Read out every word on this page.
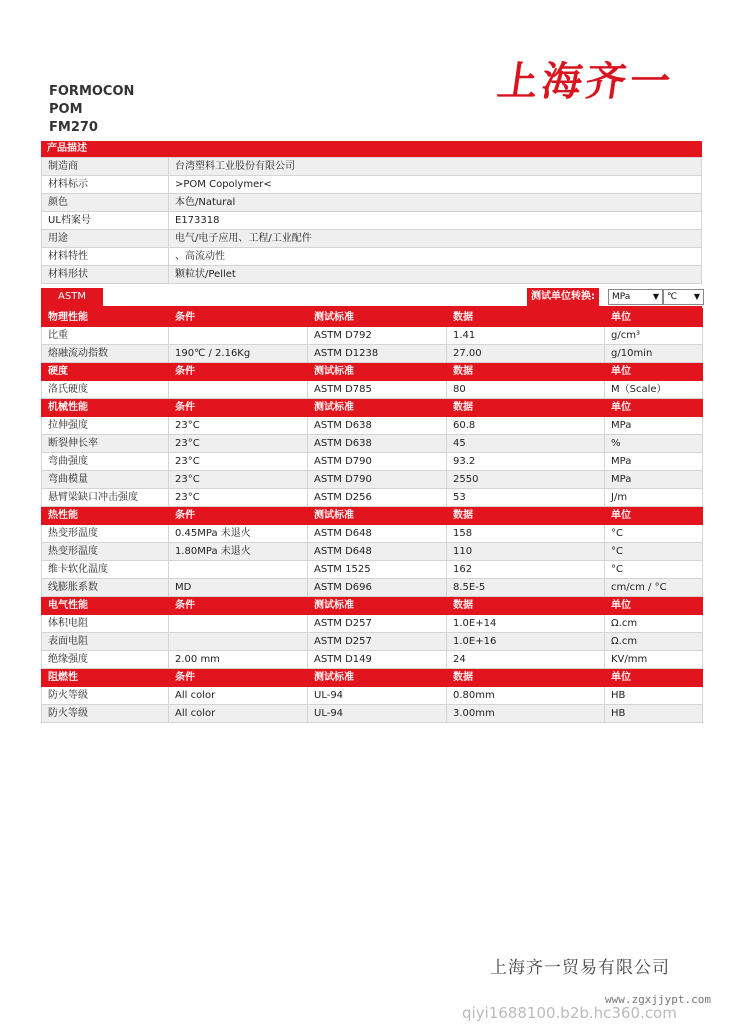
FORMOCON
POM
FM270
上海齐一
产品描述
制造商	台湾塑料工业股份有限公司
材料标示	>POM Copolymer<
颜色	本色/Natural
UL档案号	E173318
用途	电气/电子应用、工程/工业配件
材料特性	、高流动性
材料形状	颗粒状/Pellet
ASTM	测试单位转换:	MPa	▼ ℃ ▼
物理性能	条件	测试标准	数据	单位
比重		ASTM D792	1.41	g/cm³
熔融流动指数	190℃ / 2.16Kg	ASTM D1238	27.00	g/10min
硬度	条件	测试标准	数据	单位
洛氏硬度		ASTM D785	80	M（Scale）
机械性能	条件	测试标准	数据	单位
拉伸强度	23°C	ASTM D638	60.8	MPa
断裂伸长率	23°C	ASTM D638	45	%
弯曲强度	23°C	ASTM D790	93.2	MPa
弯曲模量	23°C	ASTM D790	2550	MPa
悬臂梁缺口冲击强度	23°C	ASTM D256	53	J/m
热性能	条件	测试标准	数据	单位
热变形温度	0.45MPa 未退火	ASTM D648	158	°C
热变形温度	1.80MPa 未退火	ASTM D648	110	°C
维卡软化温度		ASTM 1525	162	°C
线膨胀系数	MD	ASTM D696	8.5E-5	cm/cm / °C
电气性能	条件	测试标准	数据	单位
体积电阻		ASTM D257	1.0E+14	Ω.cm
表面电阻		ASTM D257	1.0E+16	Ω.cm
绝缘强度	2.00 mm	ASTM D149	24	KV/mm
阻燃性	条件	测试标准	数据	单位
防火等级	All color	UL-94	0.80mm	HB
防火等级	All color	UL-94	3.00mm	HB
上海齐一贸易有限公司
www.zgxjjypt.com
qiyi1688100.b2b.hc360.com
